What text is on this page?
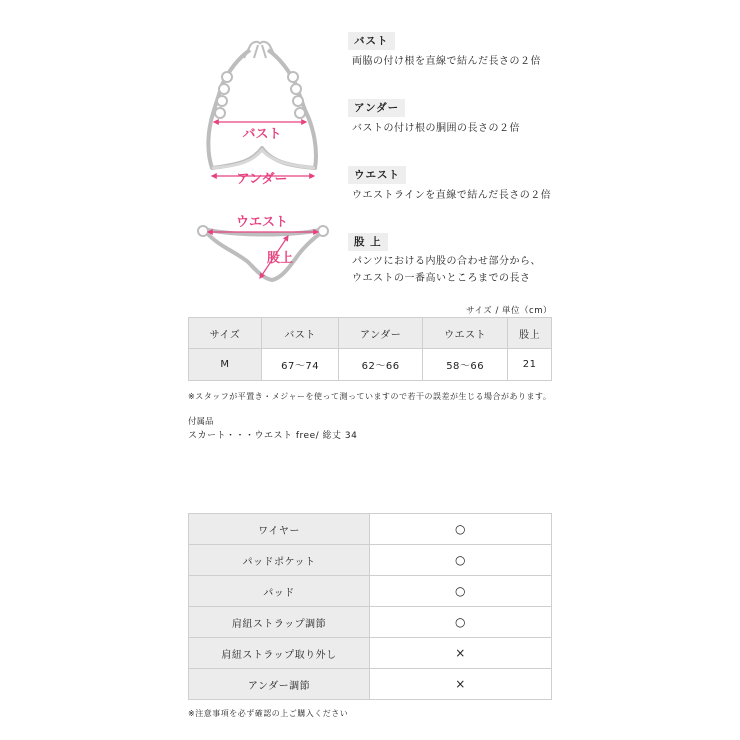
バスト
アンダー
ウエスト
股上
バスト
両脇の付け根を直線で結んだ長さの２倍
アンダー
バストの付け根の胴囲の長さの２倍
ウエスト
ウエストラインを直線で結んだ長さの２倍
股 上
パンツにおける内股の合わせ部分から、
ウエストの一番高いところまでの長さ
サイズ / 単位（cm）
サイズ	バスト	アンダー	ウエスト	股上
M	67〜74	62〜66	58〜66	21
※スタッフが平置き・メジャーを使って測っていますので若干の誤差が生じる場合があります。
付属品
スカート・・・ウエスト free/ 総丈 34
ワイヤー	○
パッドポケット	○
パッド	○
肩紐ストラップ調節	○
肩紐ストラップ取り外し	×
アンダー調節	×
※注意事項を必ず確認の上ご購入ください
